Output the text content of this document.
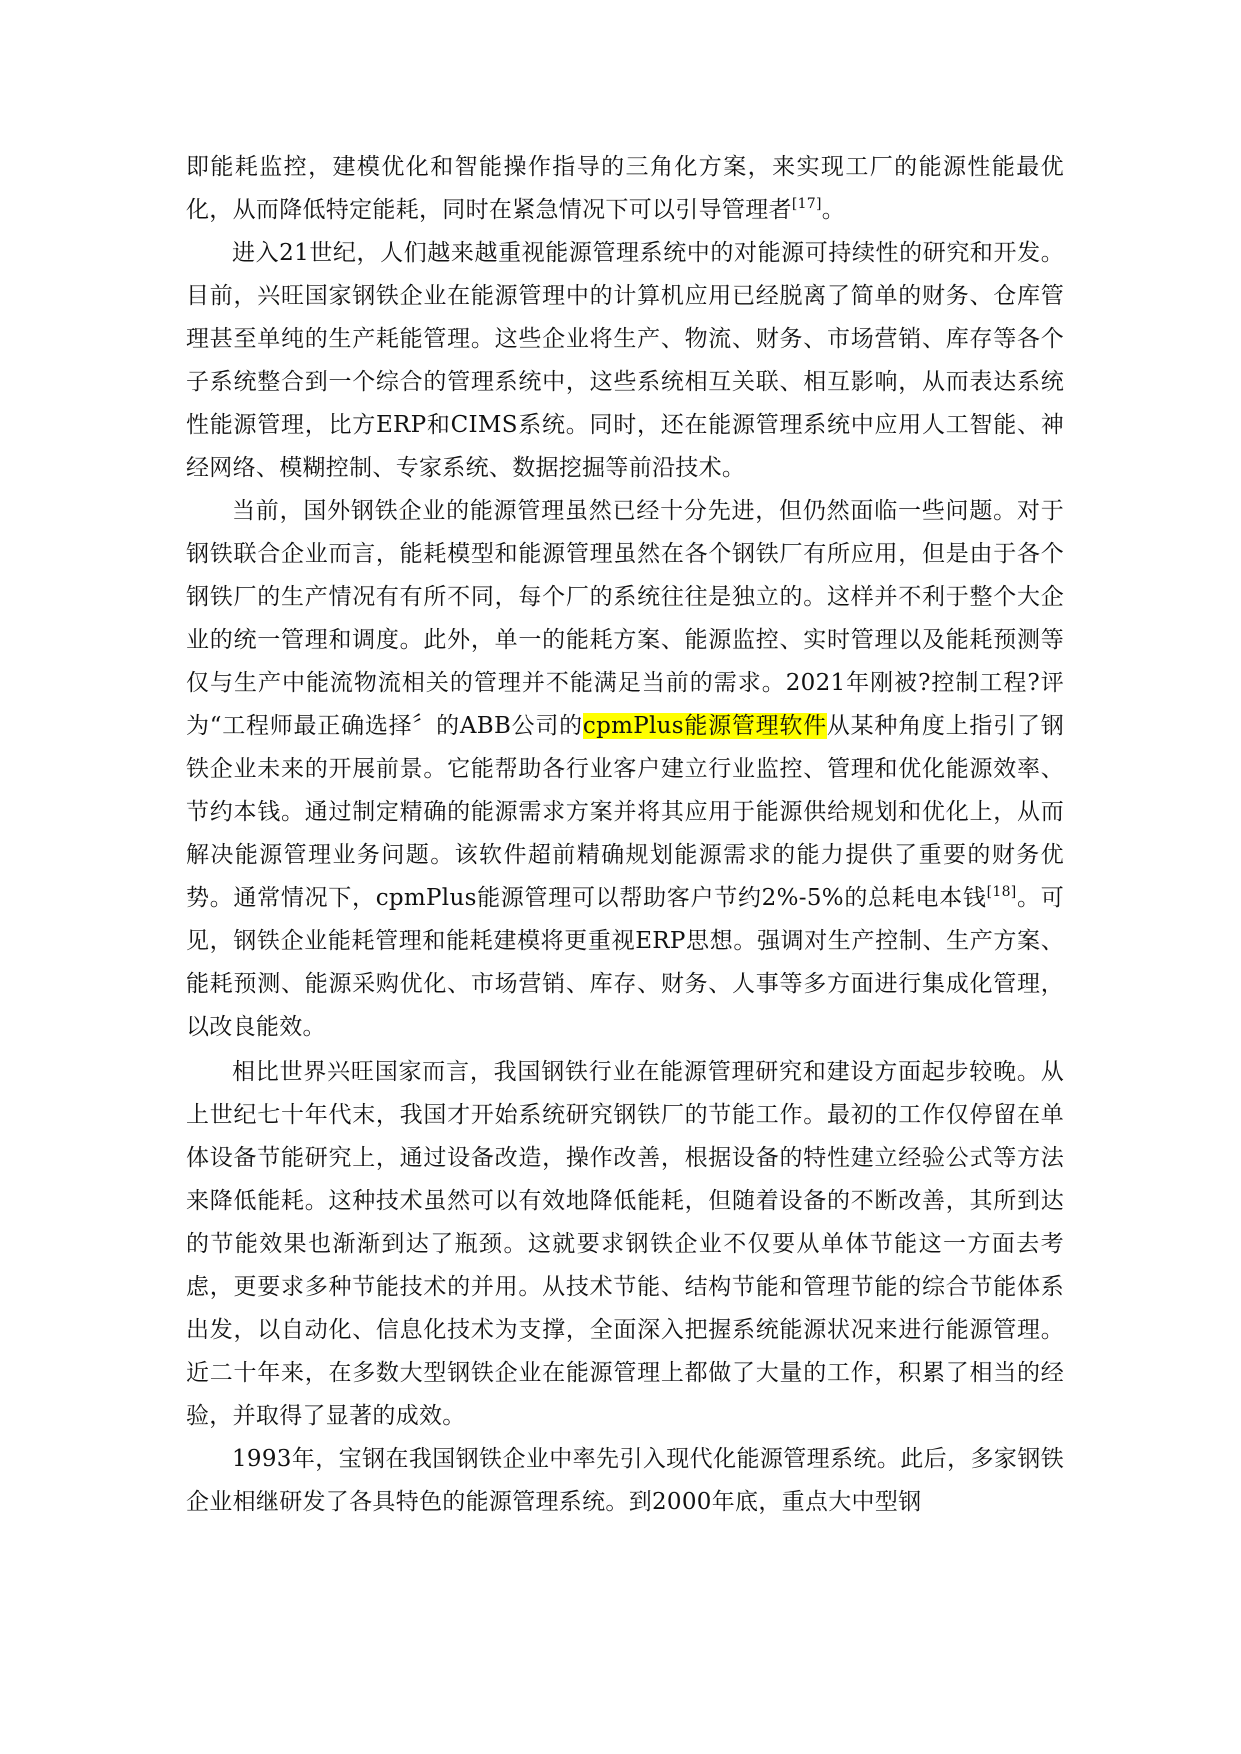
即能耗监控，建模优化和智能操作指导的三角化方案，来实现工厂的能源性能最优化，从而降低特定能耗，同时在紧急情况下可以引导管理者[17]。

进入21世纪，人们越来越重视能源管理系统中的对能源可持续性的研究和开发。目前，兴旺国家钢铁企业在能源管理中的计算机应用已经脱离了简单的财务、仓库管理甚至单纯的生产耗能管理。这些企业将生产、物流、财务、市场营销、库存等各个子系统整合到一个综合的管理系统中，这些系统相互关联、相互影响，从而表达系统性能源管理，比方ERP和CIMS系统。同时，还在能源管理系统中应用人工智能、神经网络、模糊控制、专家系统、数据挖掘等前沿技术。

当前，国外钢铁企业的能源管理虽然已经十分先进，但仍然面临一些问题。对于钢铁联合企业而言，能耗模型和能源管理虽然在各个钢铁厂有所应用，但是由于各个钢铁厂的生产情况有有所不同，每个厂的系统往往是独立的。这样并不利于整个大企业的统一管理和调度。此外，单一的能耗方案、能源监控、实时管理以及能耗预测等仅与生产中能流物流相关的管理并不能满足当前的需求。2021年刚被?控制工程?评为“工程师最正确选择〞的ABB公司的cpmPlus能源管理软件从某种角度上指引了钢铁企业未来的开展前景。它能帮助各行业客户建立行业监控、管理和优化能源效率、节约本钱。通过制定精确的能源需求方案并将其应用于能源供给规划和优化上，从而解决能源管理业务问题。该软件超前精确规划能源需求的能力提供了重要的财务优势。通常情况下，cpmPlus能源管理可以帮助客户节约2%-5%的总耗电本钱[18]。可见，钢铁企业能耗管理和能耗建模将更重视ERP思想。强调对生产控制、生产方案、能耗预测、能源采购优化、市场营销、库存、财务、人事等多方面进行集成化管理，以改良能效。

相比世界兴旺国家而言，我国钢铁行业在能源管理研究和建设方面起步较晚。从上世纪七十年代末，我国才开始系统研究钢铁厂的节能工作。最初的工作仅停留在单体设备节能研究上，通过设备改造，操作改善，根据设备的特性建立经验公式等方法来降低能耗。这种技术虽然可以有效地降低能耗，但随着设备的不断改善，其所到达的节能效果也渐渐到达了瓶颈。这就要求钢铁企业不仅要从单体节能这一方面去考虑，更要求多种节能技术的并用。从技术节能、结构节能和管理节能的综合节能体系出发，以自动化、信息化技术为支撑，全面深入把握系统能源状况来进行能源管理。近二十年来，在多数大型钢铁企业在能源管理上都做了大量的工作，积累了相当的经验，并取得了显著的成效。

1993年，宝钢在我国钢铁企业中率先引入现代化能源管理系统。此后，多家钢铁企业相继研发了各具特色的能源管理系统。到2000年底，重点大中型钢
